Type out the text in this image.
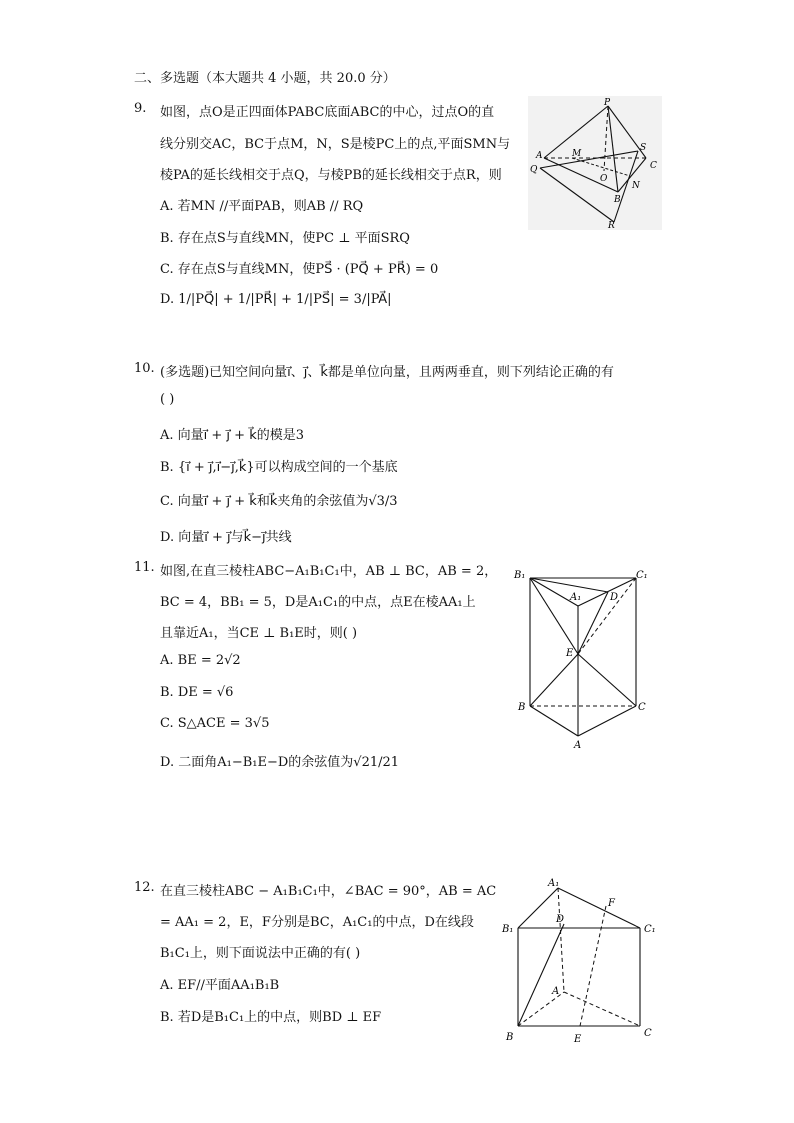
二、多选题（本大题共 4 小题，共 20.0 分）
9. 如图，点O是正四面体PABC底面ABC的中心，过点O的直
线分别交AC，BC于点M，N，S是棱PC上的点,平面SMN与
棱PA的延长线相交于点Q，与棱PB的延长线相交于点R，则
A. 若MN //平面PAB，则AB // RQ
B. 存在点S与直线MN，使PC ⊥ 平面SRQ
C. 存在点S与直线MN，使PS⃗ · (PQ⃗ + PR⃗) = 0
D. 1/|PQ⃗| + 1/|PR⃗| + 1/|PS⃗| = 3/|PA⃗|
P
A	M
S
C
Q
O
N
B
R
10. (多选题)已知空间向量i⃗、j⃗、k⃗都是单位向量，且两两垂直，则下列结论正确的有
( )
A. 向量i⃗ + j⃗ + k⃗的模是3
B. {i⃗ + j⃗,i⃗−j⃗,k⃗}可以构成空间的一个基底
C. 向量i⃗ + j⃗ + k⃗和k⃗夹角的余弦值为√3/3
D. 向量i⃗ + j⃗与k⃗−j⃗共线
11. 如图,在直三棱柱ABC−A₁B₁C₁中，AB ⊥ BC，AB = 2，
BC = 4，BB₁ = 5，D是A₁C₁的中点，点E在棱AA₁上
且靠近A₁，当CE ⊥ B₁E时，则( )
A. BE = 2√2
B. DE = √6
C. S△ACE = 3√5
D. 二面角A₁−B₁E−D的余弦值为√21/21
B₁	C₁
A₁	D
E
B	C
A
12. 在直三棱柱ABC − A₁B₁C₁中，∠BAC = 90°，AB = AC
= AA₁ = 2，E，F分别是BC，A₁C₁的中点，D在线段
B₁C₁上，则下面说法中正确的有( )
A. EF//平面AA₁B₁B
B. 若D是B₁C₁上的中点，则BD ⊥ EF
A₁
D
F
B₁	C₁
A
B	E
C
